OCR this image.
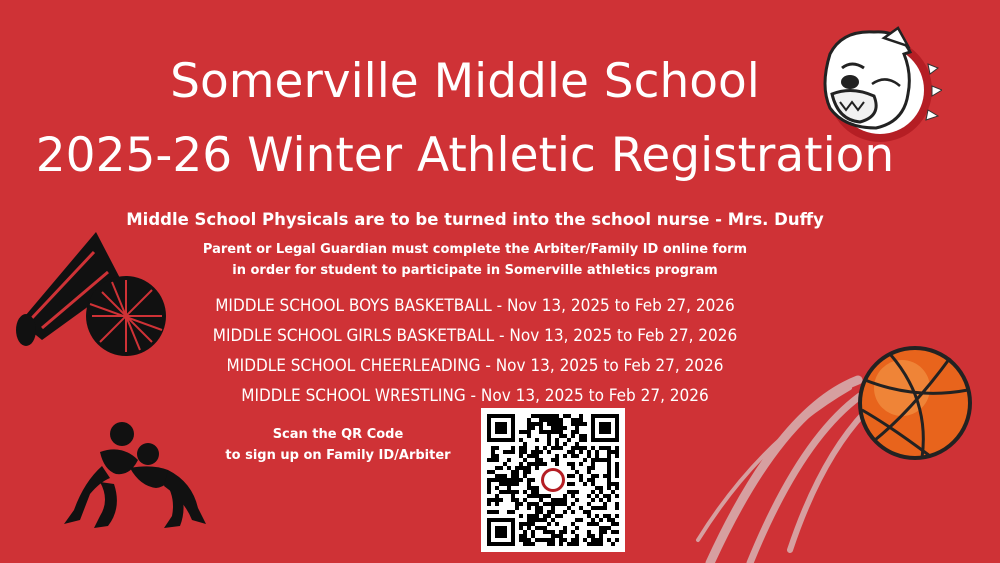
Somerville Middle School
2025-26 Winter Athletic Registration
Middle School Physicals are to be turned into the school nurse - Mrs. Duffy
Parent or Legal Guardian must complete the Arbiter/Family ID online form
in order for student to participate in Somerville athletics program
MIDDLE SCHOOL BOYS BASKETBALL - Nov 13, 2025 to Feb 27, 2026
MIDDLE SCHOOL GIRLS BASKETBALL - Nov 13, 2025 to Feb 27, 2026
MIDDLE SCHOOL CHEERLEADING - Nov 13, 2025 to Feb 27, 2026
MIDDLE SCHOOL WRESTLING - Nov 13, 2025 to Feb 27, 2026
Scan the QR Code
to sign up on Family ID/Arbiter
